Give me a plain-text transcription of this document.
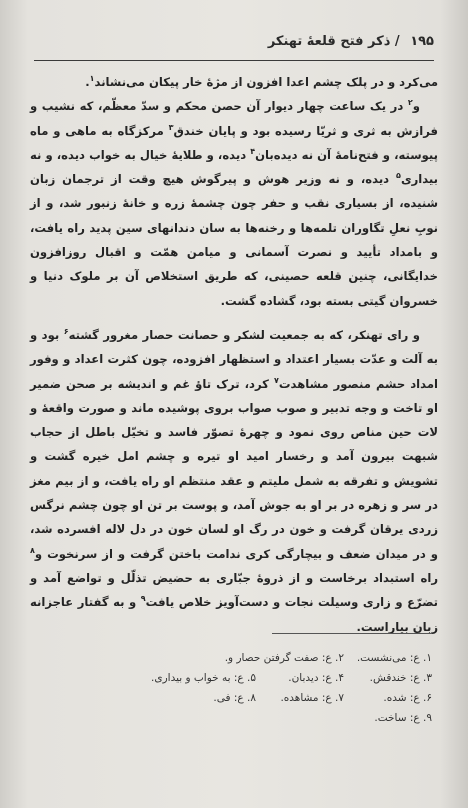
۱۹۵ / ذکر فتح قلعهٔ تهنکر

می‌کرد و در پلک چشم اعدا افزون از مژهٔ خار پیکان می‌نشاند$^۱$.

و$^۲$ در یک ساعت چهار دیوار آن حصن محکم و سدّ معظّم، که نشیب و فرازش به ثری و ثریّا رسیده بود و پایان خندق$^۳$ مرکزگاه به ماهی و ماه پیوسته، و فتح‌نامهٔ آن نه دیده‌بان$^۴$ دیده، و طلایهٔ خیال به خواب دیده، و نه بیداری$^۵$ دیده، و نه وزیر هوش و پیرگوش هیچ وقت از ترجمان زبان شنیده، از بسیاری نقب و حفر چون چشمهٔ زره و خانهٔ زنبور شد، و از نوبِ نعلِ تگاوران تلمه‌ها و رخنه‌ها به سان دندانهای سین پدید راه یافت، و بامداد تأیید و نصرت آسمانی و میامن همّت و اقبال روزافزون خدایگانی، چنین قلعه حصینی، که طریق استخلاص آن بر ملوک دنیا و خسروان گیتی بسته بود، گشاده گشت.

و رای تهنکر، که به جمعیت لشکر و حصانت حصار مغرور گشته$^۶$ بود و به آلت و عدّت بسیار اعتداد و استظهار افزوده، چون کثرت اعداد و وفور امداد حشم منصور مشاهدت$^۷$ کرد، ترک تاؤ غم و اندیشه بر صحن ضمیر او تاخت و وجه تدبیر و صوب صواب بروی پوشیده ماند و صورت واقعهٔ و لات حین مناص روی نمود و چهرهٔ تصوّر فاسد و تخیّل باطل از حجاب شبهت بیرون آمد و رخسار امید او تیره و چشم امل خیره گشت و تشویش و تفرقه به شمل ملیتم و عقد منتظم او راه یافت، و از بیم مغز در سر و زهره در بر او به جوش آمد، و پوست بر تن او چون چشم نرگس زردی یرقان گرفت و خون در رگ او لسان خون در دل لاله افسرده شد، و در میدان ضعف و بیچارگی کری ندامت باختن گرفت و از سرنخوت و$^۸$ راه استبداد برخاست و از ذروهٔ جبّاری به حضیض تذلّل و تواضع آمد و تضرّع و زاری وسیلت نجات و دست‌آویز خلاص یافت$^۹$ و به گفتار عاجزانه زبان بیاراست.

۱. ع: می‌نشست.
۲. ع: صفت گرفتن حصار و.
۳. ع: خندقش.
۴. ع: دیدبان.
۵. ع: به خواب و بیداری.
۶. ع: شده.
۷. ع: مشاهده.
۸. ع: فی.
۹. ع: ساخت.
